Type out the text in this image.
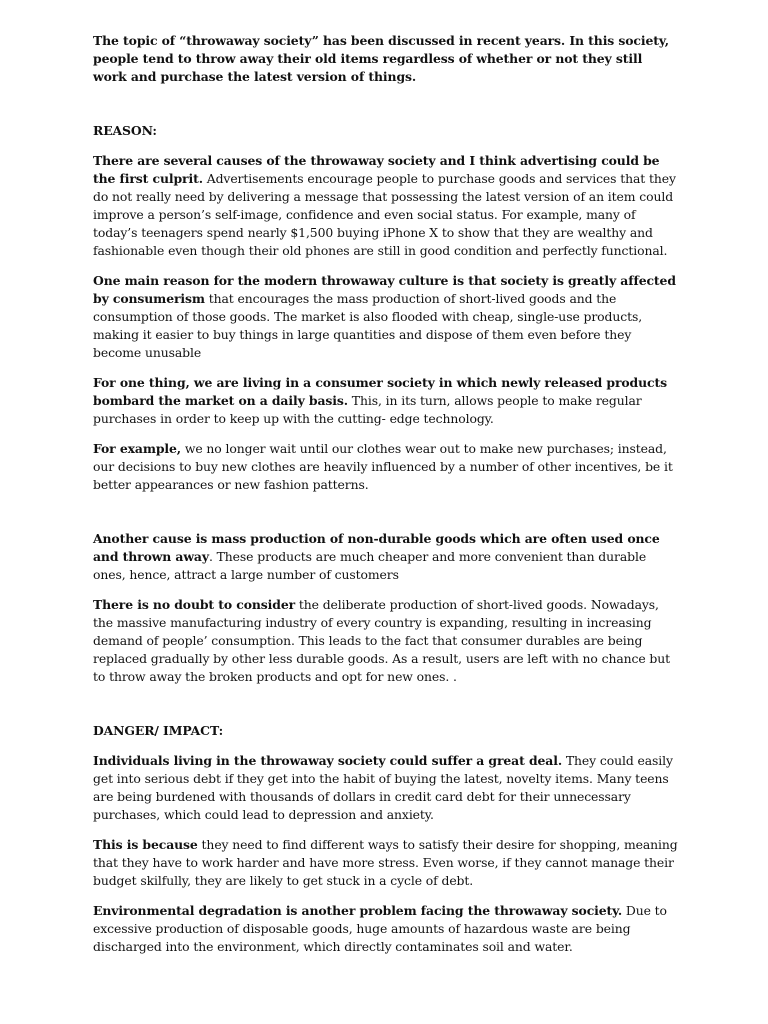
The topic of “throwaway society” has been discussed in recent years. In this society, people tend to throw away their old items regardless of whether or not they still work and purchase the latest version of things.

REASON:

There are several causes of the throwaway society and I think advertising could be the first culprit. Advertisements encourage people to purchase goods and services that they do not really need by delivering a message that possessing the latest version of an item could improve a person’s self-image, confidence and even social status. For example, many of today’s teenagers spend nearly $1,500 buying iPhone X to show that they are wealthy and fashionable even though their old phones are still in good condition and perfectly functional.

One main reason for the modern throwaway culture is that society is greatly affected by consumerism that encourages the mass production of short-lived goods and the consumption of those goods. The market is also flooded with cheap, single-use products, making it easier to buy things in large quantities and dispose of them even before they become unusable

For one thing, we are living in a consumer society in which newly released products bombard the market on a daily basis. This, in its turn, allows people to make regular purchases in order to keep up with the cutting- edge technology.

For example, we no longer wait until our clothes wear out to make new purchases; instead, our decisions to buy new clothes are heavily influenced by a number of other incentives, be it better appearances or new fashion patterns.

Another cause is mass production of non-durable goods which are often used once and thrown away. These products are much cheaper and more convenient than durable ones, hence, attract a large number of customers

There is no doubt to consider the deliberate production of short-lived goods. Nowadays, the massive manufacturing industry of every country is expanding, resulting in increasing demand of people’ consumption. This leads to the fact that consumer durables are being replaced gradually by other less durable goods. As a result, users are left with no chance but to throw away the broken products and opt for new ones. .

DANGER/ IMPACT:

Individuals living in the throwaway society could suffer a great deal. They could easily get into serious debt if they get into the habit of buying the latest, novelty items. Many teens are being burdened with thousands of dollars in credit card debt for their unnecessary purchases, which could lead to depression and anxiety.

This is because they need to find different ways to satisfy their desire for shopping, meaning that they have to work harder and have more stress. Even worse, if they cannot manage their budget skilfully, they are likely to get stuck in a cycle of debt.

Environmental degradation is another problem facing the throwaway society. Due to excessive production of disposable goods, huge amounts of hazardous waste are being discharged into the environment, which directly contaminates soil and water.
